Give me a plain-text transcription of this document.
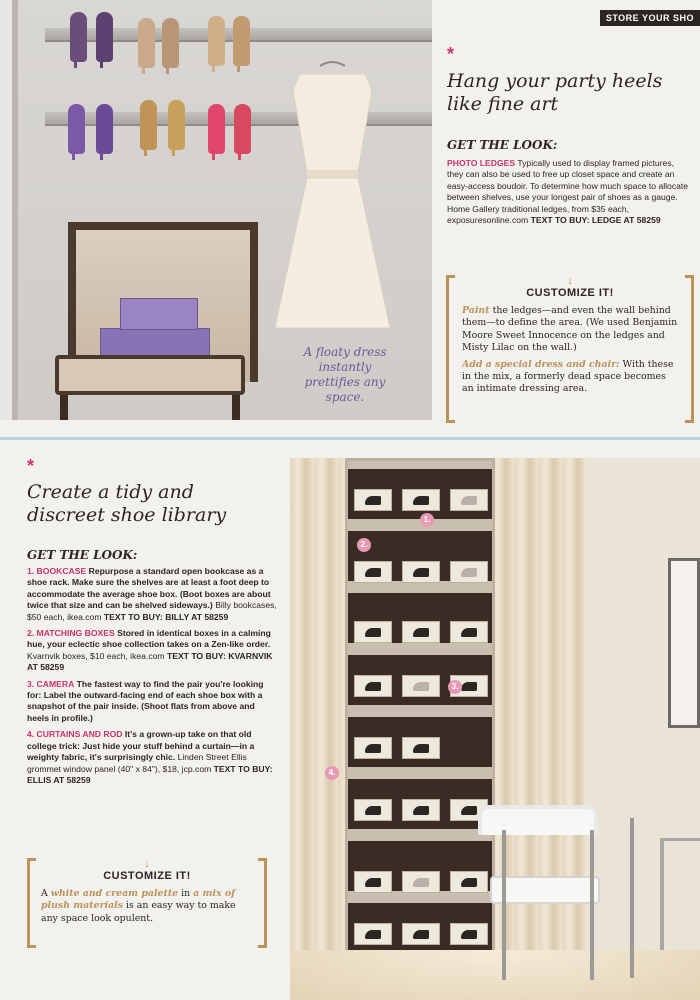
A floaty dress instantly prettifies any space.
STORE YOUR SHO
*
Hang your party heels
like fine art
GET THE LOOK:
PHOTO LEDGES Typically used to display framed pictures, they can also be used to free up closet space and create an easy-access boudoir. To determine how much space to allocate between shelves, use your longest pair of shoes as a gauge. Home Gallery traditional ledges, from $35 each, exposuresonline.com TEXT TO BUY: LEDGE AT 58259
↓
CUSTOMIZE IT!

Paint the ledges—and even the wall behind them—to define the area. (We used Benjamin Moore Sweet Innocence on the ledges and Misty Lilac on the wall.)

Add a special dress and chair: With these in the mix, a formerly dead space becomes an intimate dressing area.

*
Create a tidy and
discreet shoe library
GET THE LOOK:

1. BOOKCASE Repurpose a standard open bookcase as a shoe rack. Make sure the shelves are at least a foot deep to accommodate the average shoe box. (Boot boxes are about twice that size and can be shelved sideways.) Billy bookcases, $50 each, ikea.com TEXT TO BUY: BILLY AT 58259

2. MATCHING BOXES Stored in identical boxes in a calming hue, your eclectic shoe collection takes on a Zen-like order. Kvarnvik boxes, $10 each, ikea.com TEXT TO BUY: KVARNVIK AT 58259

3. CAMERA The fastest way to find the pair you're looking for: Label the outward-facing end of each shoe box with a snapshot of the pair inside. (Shoot flats from above and heels in profile.)

4. CURTAINS AND ROD It's a grown-up take on that old college trick: Just hide your stuff behind a curtain—in a weighty fabric, it's surprisingly chic. Linden Street Ellis grommet window panel (40" x 84"), $18, jcp.com TEXT TO BUY: ELLIS AT 58259

↓
CUSTOMIZE IT!
A white and cream palette in a mix of plush materials is an easy way to make any space look opulent.
1.
2.
3.
4.
